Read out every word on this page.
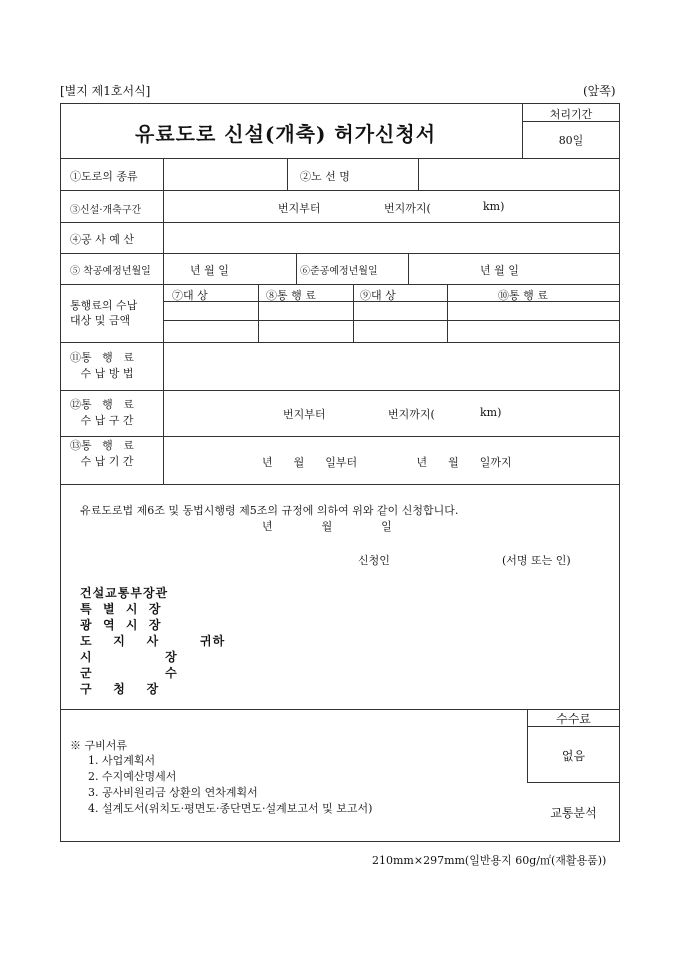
[별지 제1호서식]	(앞쪽)
유료도로 신설(개축) 허가신청서
처리기간
80일
①도로의 종류	②노 선 명
③신설·개축구간	번지부터	번지까지(	km)
④공 사 예 산
⑤ 착공예정년월일	년 월 일	⑥준공예정년월일	년 월 일
통행료의 수납
대상 및 금액
⑦대 상	⑧통 행 료	⑨대 상	⑩통 행 료
⑪통   행   료
수 납 방 법
⑫통   행   료
수 납 구 간	번지부터	번지까지(	km)
⑬통   행   료
수 납 기 간	년      월      일부터                 년      월      일까지
유료도로법 제6조 및 동법시행령 제5조의 규정에 의하여 위와 같이 신청합니다.
년              월              일
신청인	(서명 또는 인)
건설교통부장관
특  별  시  장
광  역  시  장
도    지    사	귀하
시              장
군              수
구    청    장
※ 구비서류
1. 사업계획서
2. 수지예산명세서
3. 공사비원리금 상환의 연차계획서
4. 설계도서(위치도·평면도·종단면도·설계보고서 및 보고서)
수수료
없음
교통분석
210mm×297mm(일반용지 60g/㎡(재활용품))
